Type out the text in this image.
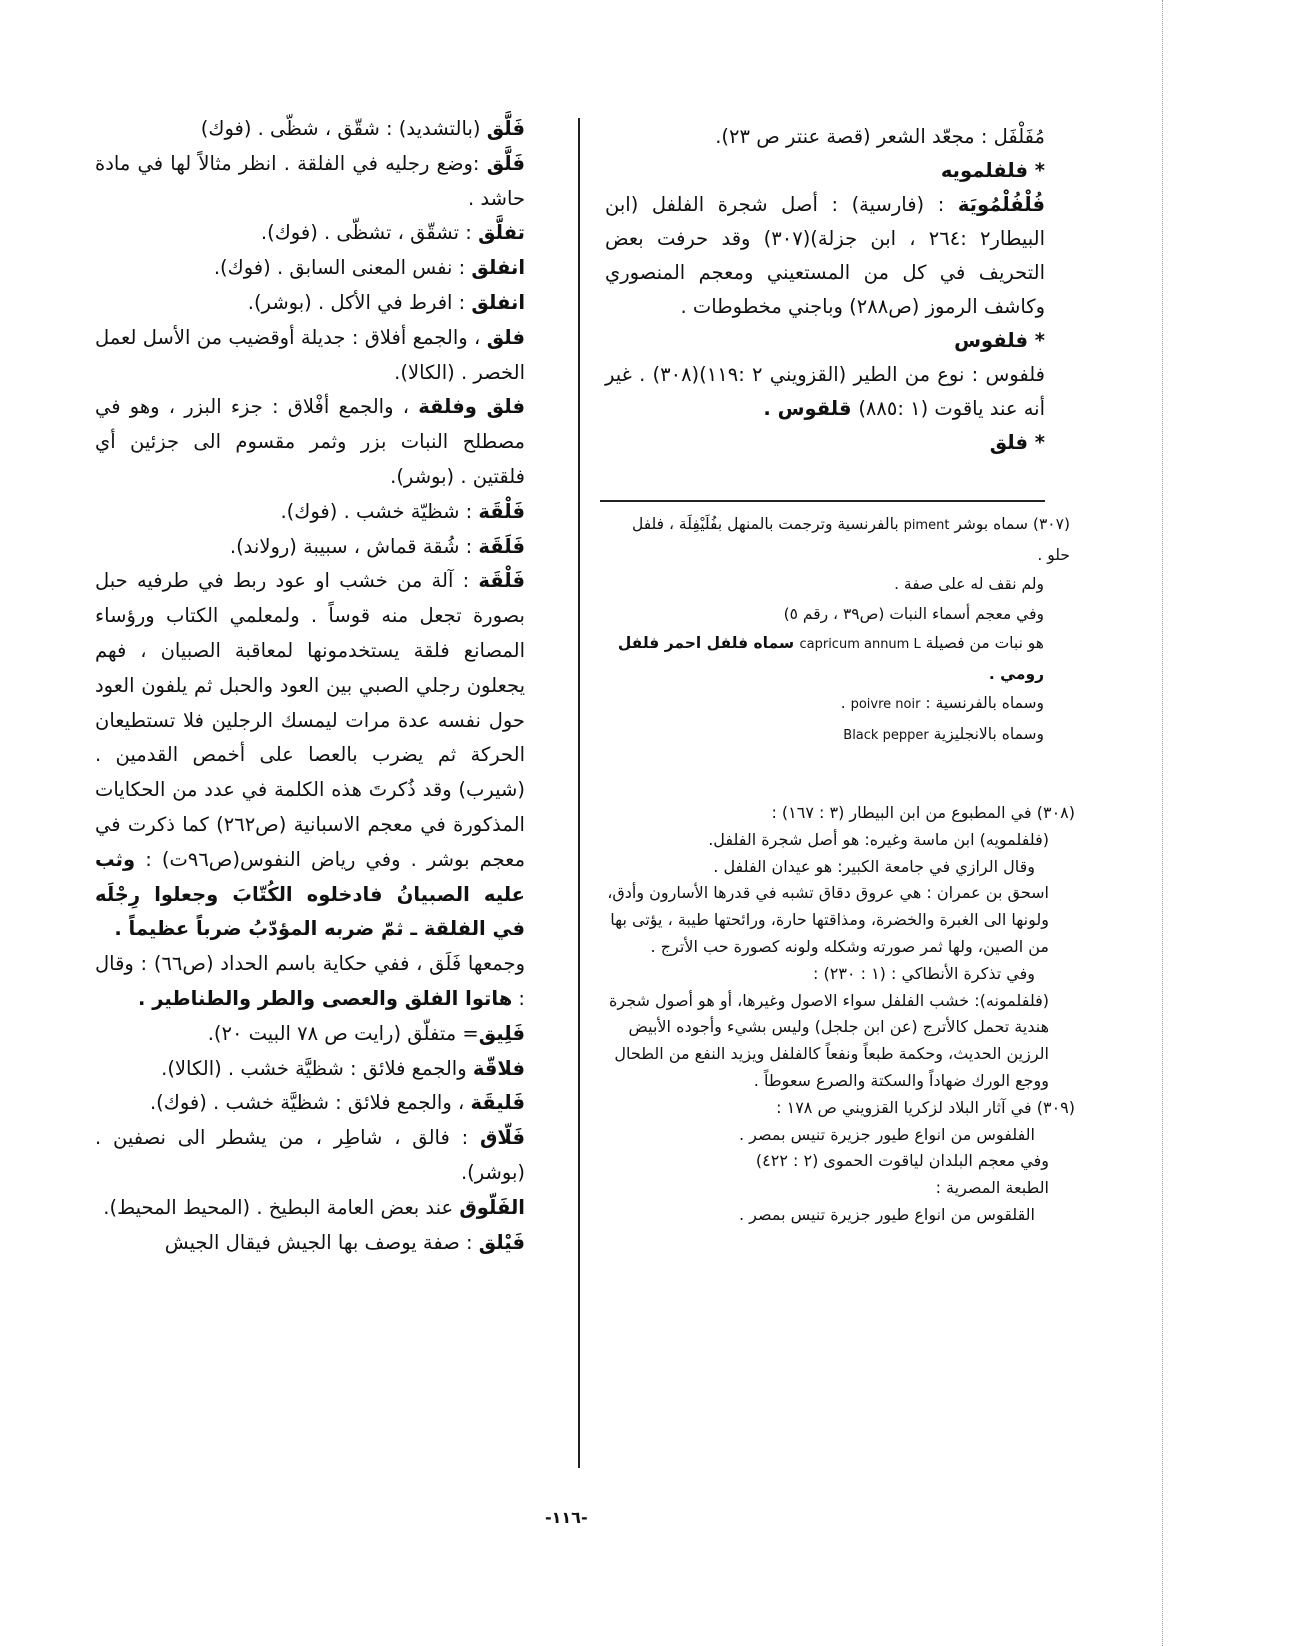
فَلَّق (بالتشديد) : شقّق ، شظّى . (فوك)

فَلَّق :وضع رجليه في الفلقة . انظر مثالاً لها في مادة حاشد .

تفلَّق : تشقّق ، تشظّى . (فوك).

انفلق : نفس المعنى السابق . (فوك).

انفلق : افرط في الأكل . (بوشر).

فلق ، والجمع أفلاق : جديلة أوقضيب من الأسل لعمل الخصر . (الكالا).

فلق وفلقة ، والجمع أفْلاق : جزء البزر ، وهو في مصطلح النبات بزر وثمر مقسوم الى جزئين أي فلقتين . (بوشر).

فَلْقَة : شظيّة خشب . (فوك).

فَلَقَة : شُقة قماش ، سبيبة (رولاند).

فَلْقَة : آلة من خشب او عود ربط في طرفيه حبل بصورة تجعل منه قوساً . ولمعلمي الكتاب ورؤساء المصانع فلقة يستخدمونها لمعاقبة الصبيان ، فهم يجعلون رجلي الصبي بين العود والحبل ثم يلفون العود حول نفسه عدة مرات ليمسك الرجلين فلا تستطيعان الحركة ثم يضرب بالعصا على أخمص القدمين . (شيرب) وقد ذُكرتَ هذه الكلمة في عدد من الحكايات المذكورة في معجم الاسبانية (ص٢٦٢) كما ذكرت في معجم بوشر . وفي رياض النفوس(ص٩٦ت) : وثب عليه الصبيانُ فادخلوه الكُتّابَ وجعلوا رِجْلَه في الفلقة ـ ثمّ ضربه المؤدّبُ ضرباً عظيماً .

وجمعها فَلَق ، ففي حكاية باسم الحداد (ص٦٦) : وقال : هاتوا الفلق والعصى والطر والطناطير .

فَلِيق= متفلّق (رايت ص ٧٨ البيت ٢٠).

فلاقّة والجمع فلائق : شظيَّة خشب . (الكالا).

فَليقَة ، والجمع فلائق : شظيَّة خشب . (فوك).

فَلّاق : فالق ، شاطِر ، من يشطر الى نصفين . (بوشر).

الفَلّوق عند بعض العامة البطيخ . (المحيط المحيط).

فَيْلق : صفة يوصف بها الجيش فيقال الجيش

مُفَلْفَل : مجعّد الشعر (قصة عنتر ص ٢٣).

* فلفلمويه

فُلْفُلْمُويَة : (فارسية) : أصل شجرة الفلفل (ابن البيطار٢ :٢٦٤ ، ابن جزلة)(٣٠٧) وقد حرفت بعض التحريف في كل من المستعيني ومعجم المنصوري وكاشف الرموز (ص٢٨٨) وباجني مخطوطات .

* فلفوس

فلفوس : نوع من الطير (القزويني ٢ :١١٩)(٣٠٨) . غير أنه عند ياقوت (١ :٨٨٥) قلقوس .

* فلق

(٣٠٧) سماه بوشر piment بالفرنسية وترجمت بالمنهل بفُلَيْفِلَة ، فلفل حلو .

ولم نقف له على صفة .

وفي معجم أسماء النبات (ص٣٩ ، رقم ٥)

هو نبات من فصيلة capricum annum L سماه فلفل احمر فلفل رومي .

وسماه بالفرنسية : poivre noir .

وسماه بالانجليزية Black pepper

(٣٠٨) في المطبوع من ابن البيطار (٣ : ١٦٧) :

(فلفلمويه) ابن ماسة وغيره: هو أصل شجرة الفلفل.

وقال الرازي في جامعة الكبير: هو عيدان الفلفل .

اسحق بن عمران : هي عروق دقاق تشبه في قدرها الأسارون وأدق، ولونها الى الغبرة والخضرة، ومذاقتها حارة، ورائحتها طيبة ، يؤتى بها من الصين، ولها ثمر صورته وشكله ولونه كصورة حب الأترج .

وفي تذكرة الأنطاكي : (١ : ٢٣٠) :

(فلفلمونه): خشب الفلفل سواء الاصول وغيرها، أو هو أصول شجرة هندية تحمل كالأترج (عن ابن جلجل) وليس بشيء وأجوده الأبيض الرزين الحديث، وحكمة طبعاً ونفعاً كالفلفل ويزيد النفع من الطحال ووجع الورك ضهاداً والسكتة والصرع سعوطاً .

(٣٠٩) في آثار البلاد لزكريا القزويني ص ١٧٨ :

الفلفوس من انواع طيور جزيرة تنيس بمصر .

وفي معجم البلدان لياقوت الحموى (٢ : ٤٢٢)

الطبعة المصرية :

القلقوس من انواع طيور جزيرة تنيس بمصر .

-١١٦-
